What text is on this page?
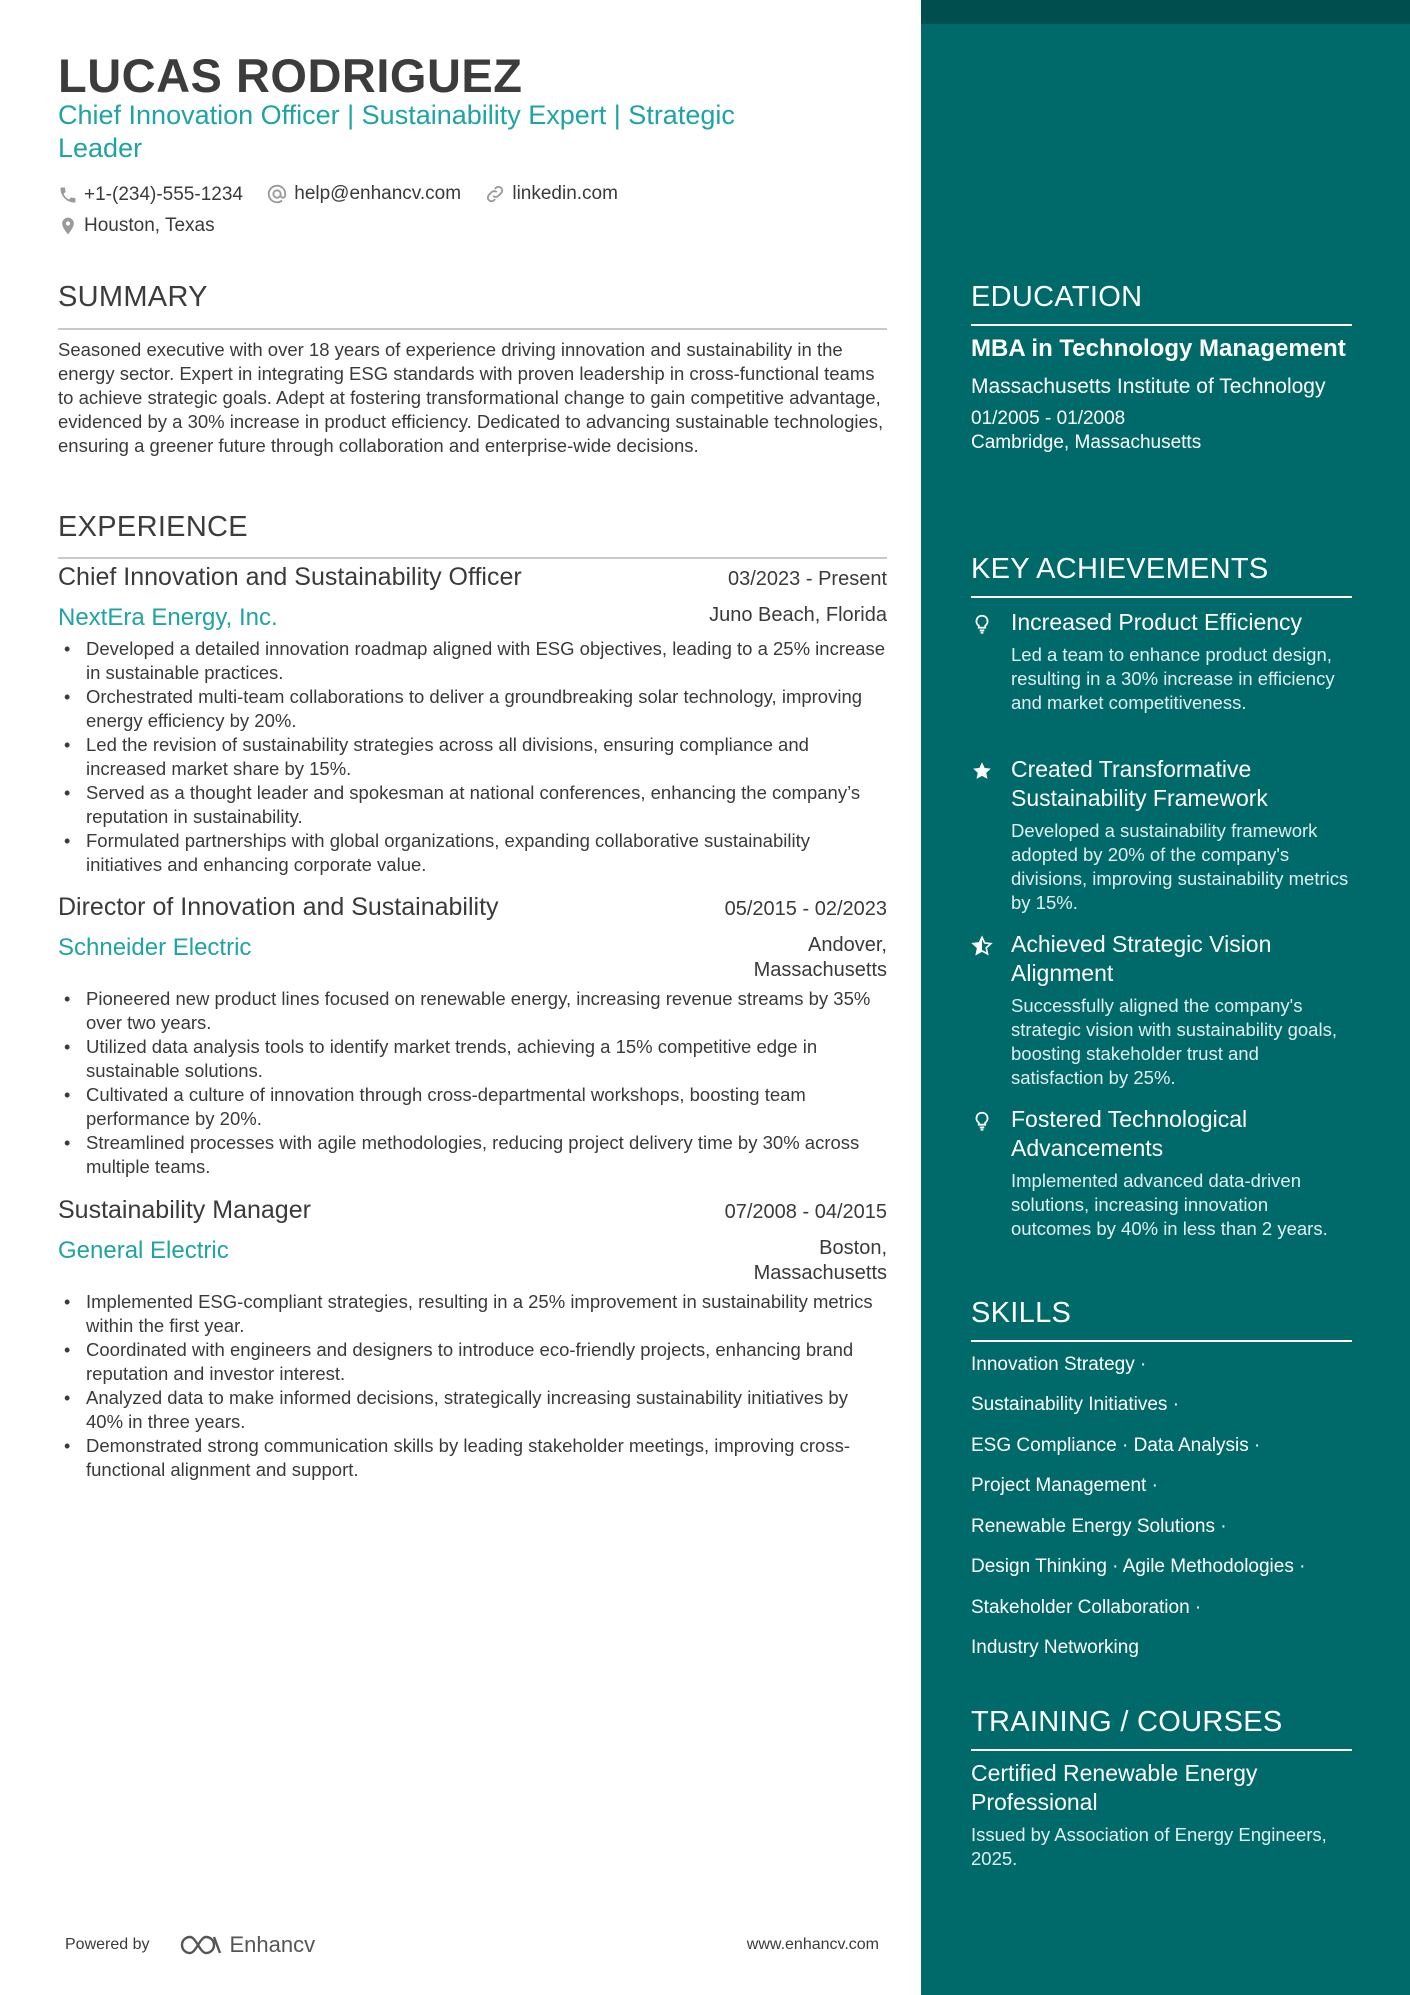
LUCAS RODRIGUEZ
Chief Innovation Officer | Sustainability Expert | Strategic Leader
+1-(234)-555-1234
	help@enhancv.com
	linkedin.com
Houston, Texas
SUMMARY
Seasoned executive with over 18 years of experience driving innovation and sustainability in the energy sector. Expert in integrating ESG standards with proven leadership in cross-functional teams to achieve strategic goals. Adept at fostering transformational change to gain competitive advantage, evidenced by a 30% increase in product efficiency. Dedicated to advancing sustainable technologies, ensuring a greener future through collaboration and enterprise-wide decisions.
EXPERIENCE
Chief Innovation and Sustainability Officer	03/2023 - Present
NextEra Energy, Inc.	Juno Beach, Florida
• Developed a detailed innovation roadmap aligned with ESG objectives, leading to a 25% increase in sustainable practices.
• Orchestrated multi-team collaborations to deliver a groundbreaking solar technology, improving energy efficiency by 20%.
• Led the revision of sustainability strategies across all divisions, ensuring compliance and increased market share by 15%.
• Served as a thought leader and spokesman at national conferences, enhancing the company’s reputation in sustainability.
• Formulated partnerships with global organizations, expanding collaborative sustainability initiatives and enhancing corporate value.
Director of Innovation and Sustainability	05/2015 - 02/2023
Schneider Electric	Andover, Massachusetts
• Pioneered new product lines focused on renewable energy, increasing revenue streams by 35% over two years.
• Utilized data analysis tools to identify market trends, achieving a 15% competitive edge in sustainable solutions.
• Cultivated a culture of innovation through cross-departmental workshops, boosting team performance by 20%.
• Streamlined processes with agile methodologies, reducing project delivery time by 30% across multiple teams.
Sustainability Manager	07/2008 - 04/2015
General Electric	Boston, Massachusetts
• Implemented ESG-compliant strategies, resulting in a 25% improvement in sustainability metrics within the first year.
• Coordinated with engineers and designers to introduce eco-friendly projects, enhancing brand reputation and investor interest.
• Analyzed data to make informed decisions, strategically increasing sustainability initiatives by 40% in three years.
• Demonstrated strong communication skills by leading stakeholder meetings, improving cross-functional alignment and support.
Powered by	Enhancv	www.enhancv.com
EDUCATION
MBA in Technology Management
Massachusetts Institute of Technology
01/2005 - 01/2008
Cambridge, Massachusetts
KEY ACHIEVEMENTS
Increased Product Efficiency
Led a team to enhance product design, resulting in a 30% increase in efficiency and market competitiveness.
Created Transformative Sustainability Framework
Developed a sustainability framework adopted by 20% of the company's divisions, improving sustainability metrics by 15%.
Achieved Strategic Vision Alignment
Successfully aligned the company's strategic vision with sustainability goals, boosting stakeholder trust and satisfaction by 25%.
Fostered Technological Advancements
Implemented advanced data-driven solutions, increasing innovation outcomes by 40% in less than 2 years.
SKILLS
Innovation Strategy ·
Sustainability Initiatives ·
ESG Compliance · Data Analysis ·
Project Management ·
Renewable Energy Solutions ·
Design Thinking · Agile Methodologies ·
Stakeholder Collaboration ·
Industry Networking
TRAINING / COURSES
Certified Renewable Energy Professional
Issued by Association of Energy Engineers, 2025.
